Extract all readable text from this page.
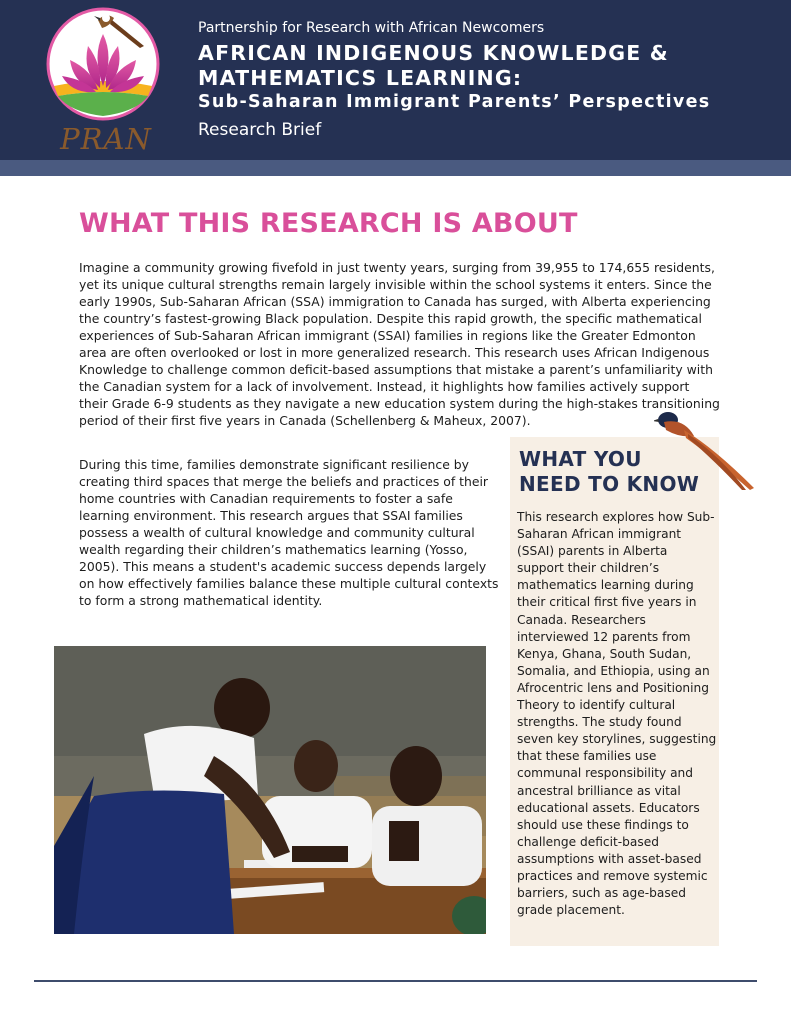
PRAN
Partnership for Research with African Newcomers
AFRICAN INDIGENOUS KNOWLEDGE &
MATHEMATICS LEARNING:
Sub-Saharan Immigrant Parents’ Perspectives
Research Brief
WHAT THIS RESEARCH IS ABOUT

Imagine a community growing fivefold in just twenty years, surging from 39,955 to 174,655 residents, yet its unique cultural strengths remain largely invisible within the school systems it enters. Since the early 1990s, Sub-Saharan African (SSA) immigration to Canada has surged, with Alberta experiencing the country’s fastest-growing Black population. Despite this rapid growth, the specific mathematical experiences of Sub-Saharan African immigrant (SSAI) families in regions like the Greater Edmonton area are often overlooked or lost in more generalized research. This research uses African Indigenous Knowledge to challenge common deficit-based assumptions that mistake a parent’s unfamiliarity with the Canadian system for a lack of involvement. Instead, it highlights how families actively support their Grade 6-9 students as they navigate a new education system during the high-stakes transitioning period of their first five years in Canada (Schellenberg & Maheux, 2007).

During this time, families demonstrate significant resilience by creating third spaces that merge the beliefs and practices of their home countries with Canadian requirements to foster a safe learning environment. This research argues that SSAI families possess a wealth of cultural knowledge and community cultural wealth regarding their children’s mathematics learning (Yosso, 2005). This means a student's academic success depends largely on how effectively families balance these multiple cultural contexts to form a strong mathematical identity.

WHAT YOU
NEED TO KNOW

This research explores how Sub-Saharan African immigrant (SSAI) parents in Alberta support their children’s mathematics learning during their critical first five years in Canada. Researchers interviewed 12 parents from Kenya, Ghana, South Sudan, Somalia, and Ethiopia, using an Afrocentric lens and Positioning Theory to identify cultural strengths. The study found seven key storylines, suggesting that these families use communal responsibility and ancestral brilliance as vital educational assets. Educators should use these findings to challenge deficit-based assumptions with asset-based practices and remove systemic barriers, such as age-based grade placement.
